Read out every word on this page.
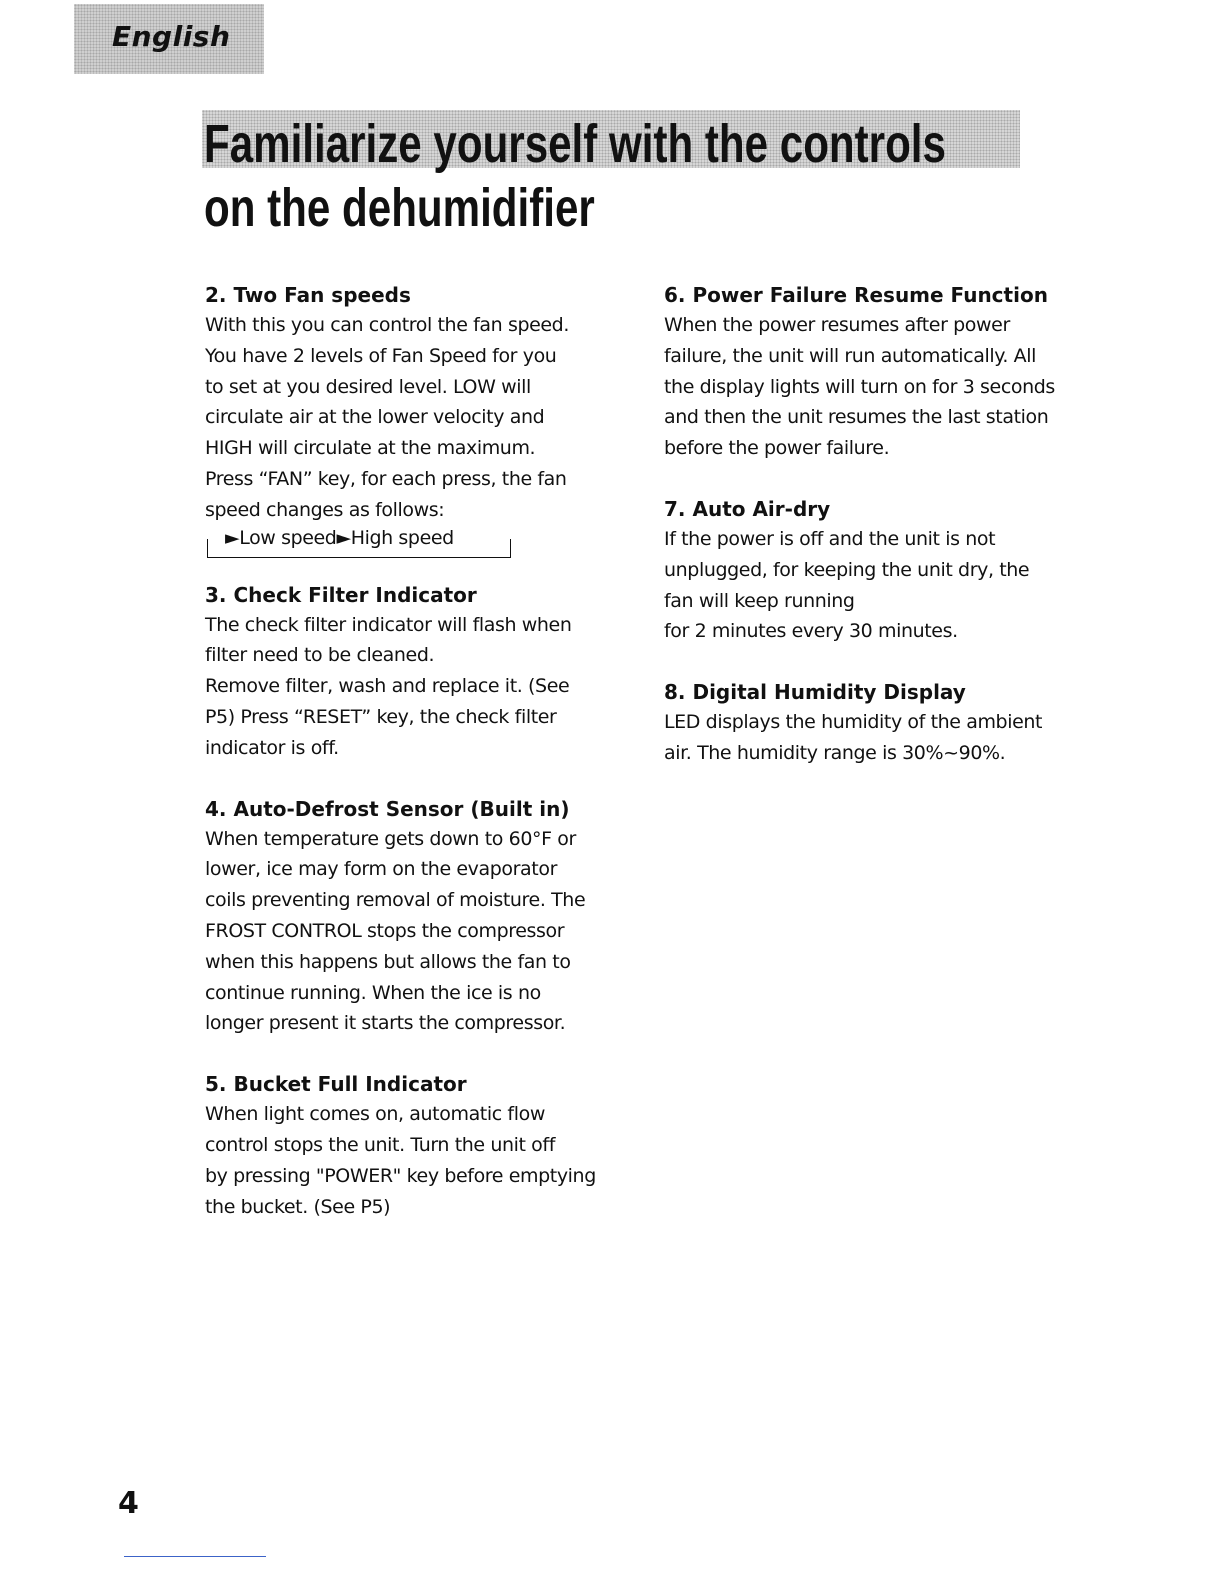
English
Familiarize yourself with the controls
on the dehumidifier
2. Two Fan speeds

With this you can control the fan speed.
You have 2 levels of Fan Speed for you
to set at you desired level. LOW will
circulate air at the lower velocity and
HIGH will circulate at the maximum.
Press “FAN” key, for each press, the fan
speed changes as follows:

►Low speed►High speed
3. Check Filter Indicator

The check filter indicator will flash when
filter need to be cleaned.
Remove filter, wash and replace it. (See
P5) Press “RESET” key, the check filter
indicator is off.

4. Auto-Defrost Sensor (Built in)

When temperature gets down to 60°F or
lower, ice may form on the evaporator
coils preventing removal of moisture. The
FROST CONTROL stops the compressor
when this happens but allows the fan to
continue running. When the ice is no
longer present it starts the compressor.

5. Bucket Full Indicator

When light comes on, automatic flow
control stops the unit. Turn the unit off
by pressing "POWER" key before emptying
the bucket. (See P5)

6. Power Failure Resume Function

When the power resumes after power
failure, the unit will run automatically. All
the display lights will turn on for 3 seconds
and then the unit resumes the last station
before the power failure.

7. Auto Air-dry

If the power is off and the unit is not
unplugged, for keeping the unit dry, the
fan will keep running
for 2 minutes every 30 minutes.

8. Digital Humidity Display

LED displays the humidity of the ambient
air. The humidity range is 30%~90%.

4
